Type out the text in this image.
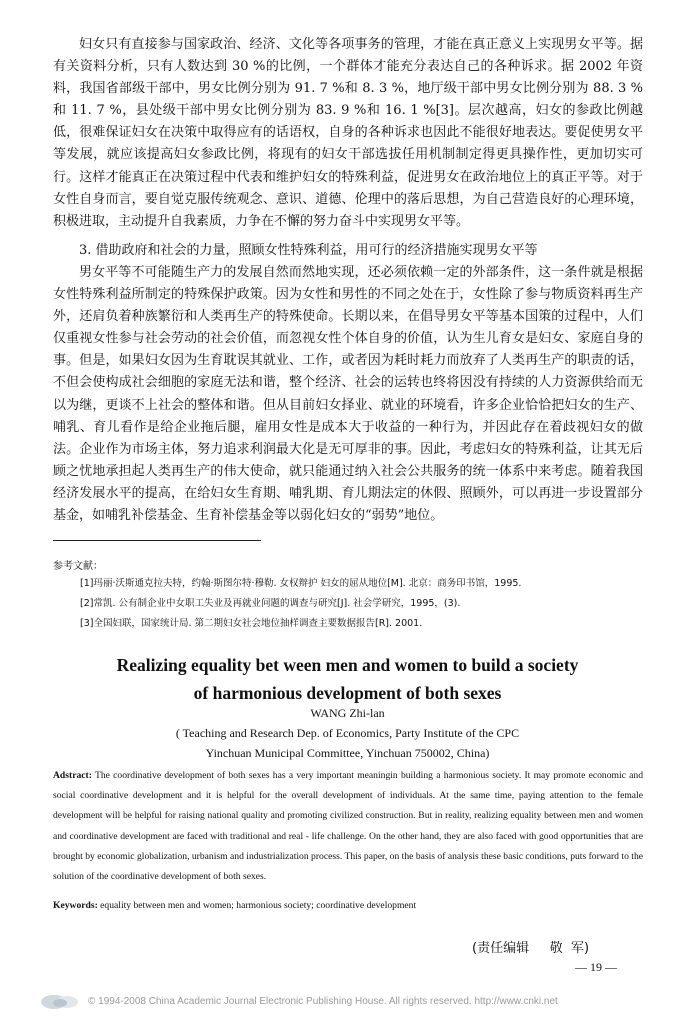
妇女只有直接参与国家政治、经济、文化等各项事务的管理，才能在真正意义上实现男女平等。据有关资料分析，只有人数达到 30 %的比例，一个群体才能充分表达自己的各种诉求。据 2002 年资料，我国省部级干部中，男女比例分别为 91. 7 %和 8. 3 %，地厅级干部中男女比例分别为 88. 3 %和 11. 7 %，县处级干部中男女比例分别为 83. 9 %和 16. 1 %[3]。层次越高，妇女的参政比例越低，很难保证妇女在决策中取得应有的话语权，自身的各种诉求也因此不能很好地表达。要促使男女平等发展，就应该提高妇女参政比例，将现有的妇女干部选拔任用机制制定得更具操作性，更加切实可行。这样才能真正在决策过程中代表和维护妇女的特殊利益，促进男女在政治地位上的真正平等。对于女性自身而言，要自觉克服传统观念、意识、道德、伦理中的落后思想，为自己营造良好的心理环境，积极进取，主动提升自我素质，力争在不懈的努力奋斗中实现男女平等。

3. 借助政府和社会的力量，照顾女性特殊利益，用可行的经济措施实现男女平等

男女平等不可能随生产力的发展自然而然地实现，还必须依赖一定的外部条件，这一条件就是根据女性特殊利益所制定的特殊保护政策。因为女性和男性的不同之处在于，女性除了参与物质资料再生产外，还肩负着种族繁衍和人类再生产的特殊使命。长期以来，在倡导男女平等基本国策的过程中，人们仅重视女性参与社会劳动的社会价值，而忽视女性个体自身的价值，认为生儿育女是妇女、家庭自身的事。但是，如果妇女因为生育耽误其就业、工作，或者因为耗时耗力而放弃了人类再生产的职责的话，不但会使构成社会细胞的家庭无法和谐，整个经济、社会的运转也终将因没有持续的人力资源供给而无以为继，更谈不上社会的整体和谐。但从目前妇女择业、就业的环境看，许多企业恰恰把妇女的生产、哺乳、育儿看作是给企业拖后腿，雇用女性是成本大于收益的一种行为，并因此存在着歧视妇女的做法。企业作为市场主体，努力追求利润最大化是无可厚非的事。因此，考虑妇女的特殊利益，让其无后顾之忧地承担起人类再生产的伟大使命，就只能通过纳入社会公共服务的统一体系中来考虑。随着我国经济发展水平的提高，在给妇女生育期、哺乳期、育儿期法定的休假、照顾外，可以再进一步设置部分基金，如哺乳补偿基金、生育补偿基金等以弱化妇女的“弱势”地位。

参考文献：
[1]玛丽·沃斯通克拉夫特，约翰·斯图尔特·穆勒. 女权辩护 妇女的屈从地位[M]. 北京：商务印书馆，1995.
[2]常凯. 公有制企业中女职工失业及再就业问题的调查与研究[J]. 社会学研究，1995，(3).
[3]全国妇联，国家统计局. 第二期妇女社会地位抽样调查主要数据报告[R]. 2001.
Realizing equality bet ween men and women to build a society
of harmonious development of both sexes

WANG Zhi-lan

( Teaching and Research Dep. of Economics, Party Institute of the CPC

Yinchuan Municipal Committee, Yinchuan 750002, China)

Adstract: The coordinative development of both sexes has a very important meaningin building a harmonious society. It may promote economic and social coordinative development and it is helpful for the overall development of individuals. At the same time, paying attention to the female development will be helpful for raising national quality and promoting civilized construction. But in reality, realizing equality between men and women and coordinative development are faced with traditional and real - life challenge. On the other hand, they are also faced with good opportunities that are brought by economic globalization, urbanism and industrialization process. This paper, on the basis of analysis these basic conditions, puts forward to the solution of the coordinative development of both sexes.

Keywords: equality between men and women; harmonious society; coordinative development

(责任编辑     敬  军)
— 19 —
© 1994-2008 China Academic Journal Electronic Publishing House. All rights reserved. http://www.cnki.net
